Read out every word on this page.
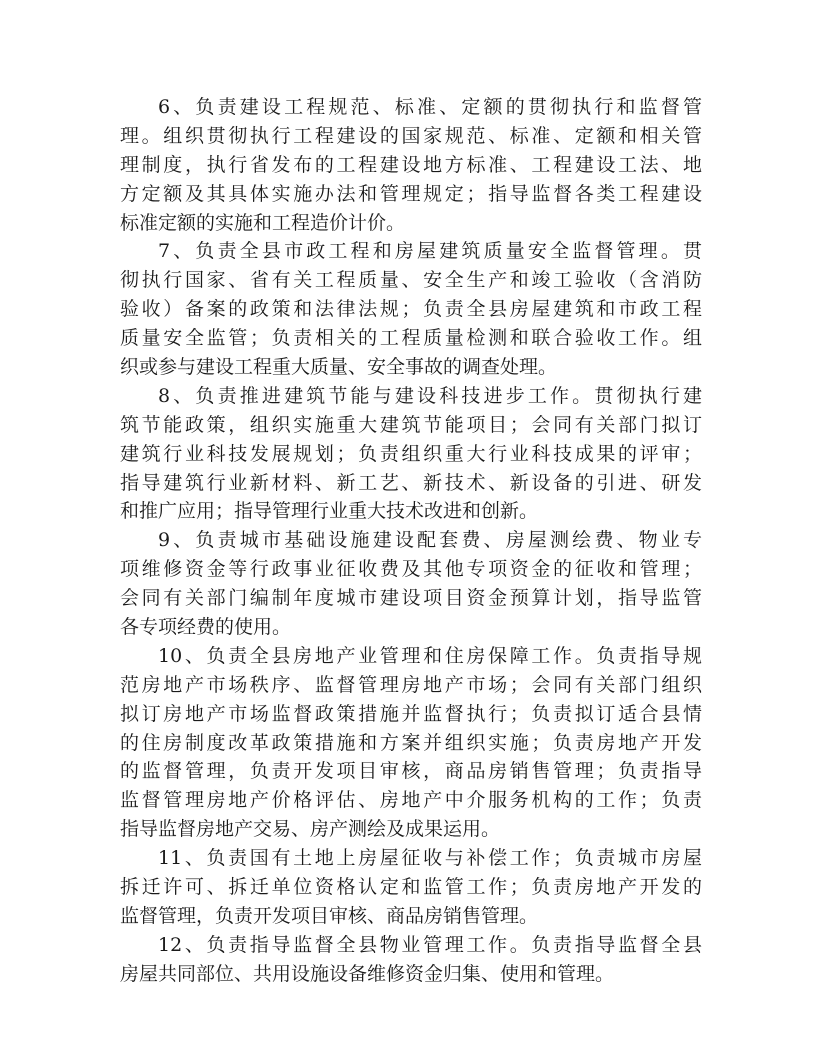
6、负责建设工程规范、标准、定额的贯彻执行和监督管
理。组织贯彻执行工程建设的国家规范、标准、定额和相关管
理制度，执行省发布的工程建设地方标准、工程建设工法、地
方定额及其具体实施办法和管理规定；指导监督各类工程建设
标准定额的实施和工程造价计价。
7、负责全县市政工程和房屋建筑质量安全监督管理。贯
彻执行国家、省有关工程质量、安全生产和竣工验收（含消防
验收）备案的政策和法律法规；负责全县房屋建筑和市政工程
质量安全监管；负责相关的工程质量检测和联合验收工作。组
织或参与建设工程重大质量、安全事故的调查处理。
8、负责推进建筑节能与建设科技进步工作。贯彻执行建
筑节能政策，组织实施重大建筑节能项目；会同有关部门拟订
建筑行业科技发展规划；负责组织重大行业科技成果的评审；
指导建筑行业新材料、新工艺、新技术、新设备的引进、研发
和推广应用；指导管理行业重大技术改进和创新。
9、负责城市基础设施建设配套费、房屋测绘费、物业专
项维修资金等行政事业征收费及其他专项资金的征收和管理；
会同有关部门编制年度城市建设项目资金预算计划，指导监管
各专项经费的使用。
10、负责全县房地产业管理和住房保障工作。负责指导规
范房地产市场秩序、监督管理房地产市场；会同有关部门组织
拟订房地产市场监督政策措施并监督执行；负责拟订适合县情
的住房制度改革政策措施和方案并组织实施；负责房地产开发
的监督管理，负责开发项目审核，商品房销售管理；负责指导
监督管理房地产价格评估、房地产中介服务机构的工作；负责
指导监督房地产交易、房产测绘及成果运用。
11、负责国有土地上房屋征收与补偿工作；负责城市房屋
拆迁许可、拆迁单位资格认定和监管工作；负责房地产开发的
监督管理，负责开发项目审核、商品房销售管理。
12、负责指导监督全县物业管理工作。负责指导监督全县
房屋共同部位、共用设施设备维修资金归集、使用和管理。
